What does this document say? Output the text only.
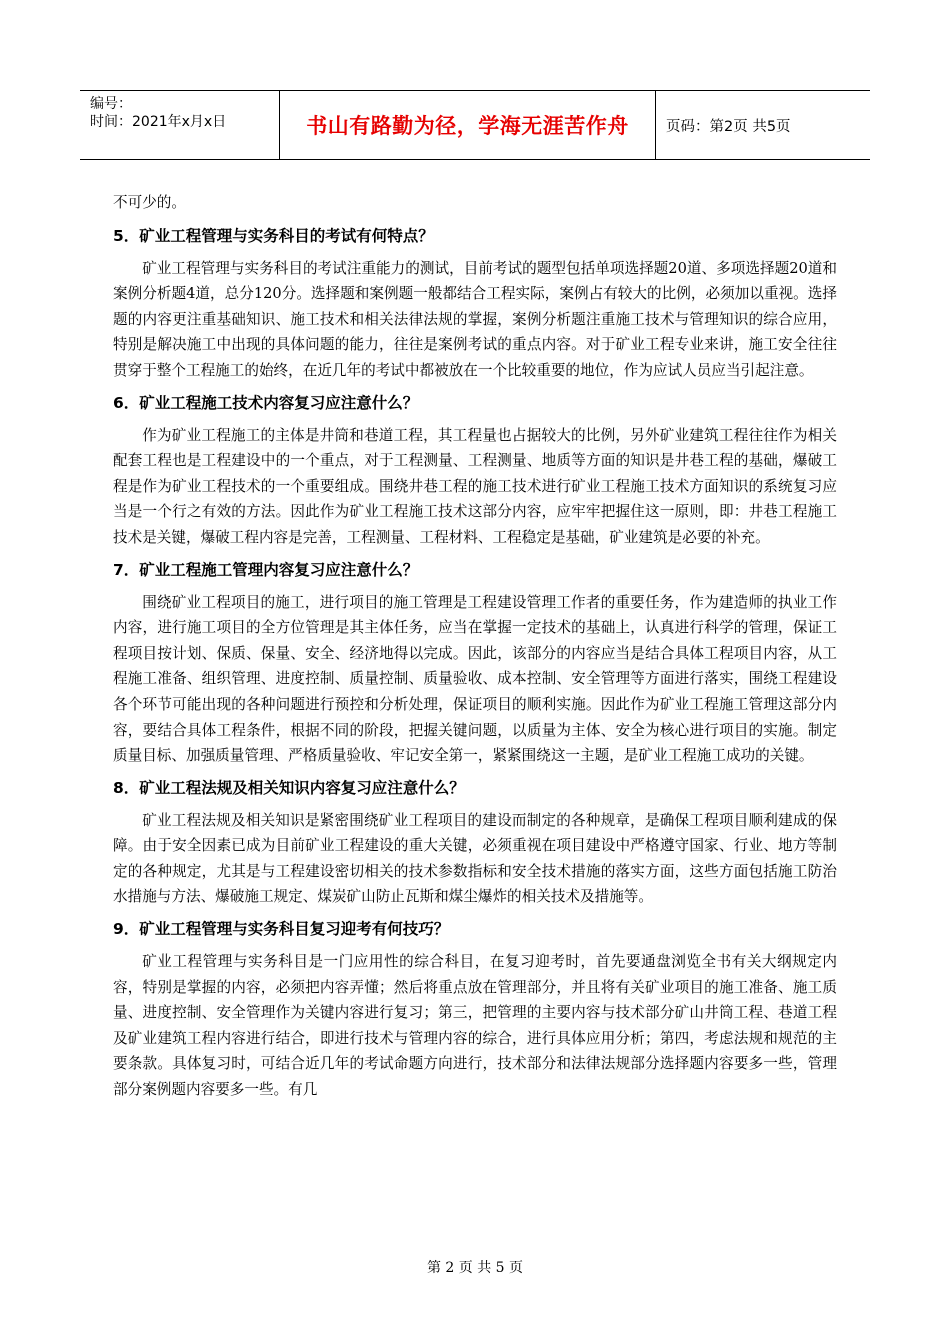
编号：
时间：2021年x月x日	书山有路勤为径，学海无涯苦作舟	页码：第2页 共5页

不可少的。

5．矿业工程管理与实务科目的考试有何特点？

矿业工程管理与实务科目的考试注重能力的测试，目前考试的题型包括单项选择题20道、多项选择题20道和案例分析题4道，总分120分。选择题和案例题一般都结合工程实际，案例占有较大的比例，必须加以重视。选择题的内容更注重基础知识、施工技术和相关法律法规的掌握，案例分析题注重施工技术与管理知识的综合应用，特别是解决施工中出现的具体问题的能力，往往是案例考试的重点内容。对于矿业工程专业来讲，施工安全往往贯穿于整个工程施工的始终，在近几年的考试中都被放在一个比较重要的地位，作为应试人员应当引起注意。

6．矿业工程施工技术内容复习应注意什么？

作为矿业工程施工的主体是井筒和巷道工程，其工程量也占据较大的比例，另外矿业建筑工程往往作为相关配套工程也是工程建设中的一个重点，对于工程测量、工程测量、地质等方面的知识是井巷工程的基础，爆破工程是作为矿业工程技术的一个重要组成。围绕井巷工程的施工技术进行矿业工程施工技术方面知识的系统复习应当是一个行之有效的方法。因此作为矿业工程施工技术这部分内容，应牢牢把握住这一原则，即：井巷工程施工技术是关键，爆破工程内容是完善，工程测量、工程材料、工程稳定是基础，矿业建筑是必要的补充。

7．矿业工程施工管理内容复习应注意什么？

围绕矿业工程项目的施工，进行项目的施工管理是工程建设管理工作者的重要任务，作为建造师的执业工作内容，进行施工项目的全方位管理是其主体任务，应当在掌握一定技术的基础上，认真进行科学的管理，保证工程项目按计划、保质、保量、安全、经济地得以完成。因此，该部分的内容应当是结合具体工程项目内容，从工程施工准备、组织管理、进度控制、质量控制、质量验收、成本控制、安全管理等方面进行落实，围绕工程建设各个环节可能出现的各种问题进行预控和分析处理，保证项目的顺利实施。因此作为矿业工程施工管理这部分内容，要结合具体工程条件，根据不同的阶段，把握关键问题，以质量为主体、安全为核心进行项目的实施。制定质量目标、加强质量管理、严格质量验收、牢记安全第一，紧紧围绕这一主题，是矿业工程施工成功的关键。

8．矿业工程法规及相关知识内容复习应注意什么？

矿业工程法规及相关知识是紧密围绕矿业工程项目的建设而制定的各种规章，是确保工程项目顺利建成的保障。由于安全因素已成为目前矿业工程建设的重大关键，必须重视在项目建设中严格遵守国家、行业、地方等制定的各种规定，尤其是与工程建设密切相关的技术参数指标和安全技术措施的落实方面，这些方面包括施工防治水措施与方法、爆破施工规定、煤炭矿山防止瓦斯和煤尘爆炸的相关技术及措施等。

9．矿业工程管理与实务科目复习迎考有何技巧？

矿业工程管理与实务科目是一门应用性的综合科目，在复习迎考时，首先要通盘浏览全书有关大纲规定内容，特别是掌握的内容，必须把内容弄懂；然后将重点放在管理部分，并且将有关矿业项目的施工准备、施工质量、进度控制、安全管理作为关键内容进行复习；第三，把管理的主要内容与技术部分矿山井筒工程、巷道工程及矿业建筑工程内容进行结合，即进行技术与管理内容的综合，进行具体应用分析；第四，考虑法规和规范的主要条款。具体复习时，可结合近几年的考试命题方向进行，技术部分和法律法规部分选择题内容要多一些，管理部分案例题内容要多一些。有几

第 2 页 共 5 页
